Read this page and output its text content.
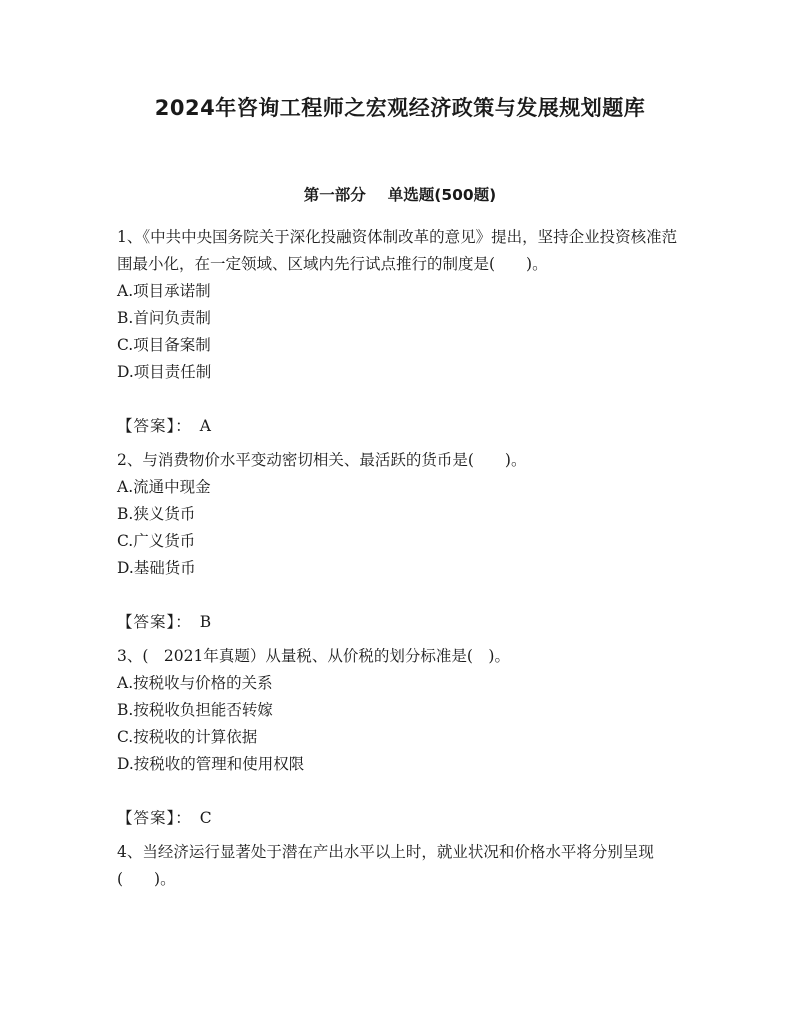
2024年咨询工程师之宏观经济政策与发展规划题库
第一部分 单选题(500题)

1、《中共中央国务院关于深化投融资体制改革的意见》提出，坚持企业投资核准范围最小化，在一定领域、区域内先行试点推行的制度是(　　)。

A.项目承诺制
B.首问负责制
C.项目备案制
D.项目责任制
【答案】： A

2、与消费物价水平变动密切相关、最活跃的货币是(　　)。

A.流通中现金
B.狭义货币
C.广义货币
D.基础货币
【答案】： B

3、(　2021年真题）从量税、从价税的划分标准是(　)。

A.按税收与价格的关系
B.按税收负担能否转嫁
C.按税收的计算依据
D.按税收的管理和使用权限
【答案】： C

4、当经济运行显著处于潜在产出水平以上时，就业状况和价格水平将分别呈现(　　)。
